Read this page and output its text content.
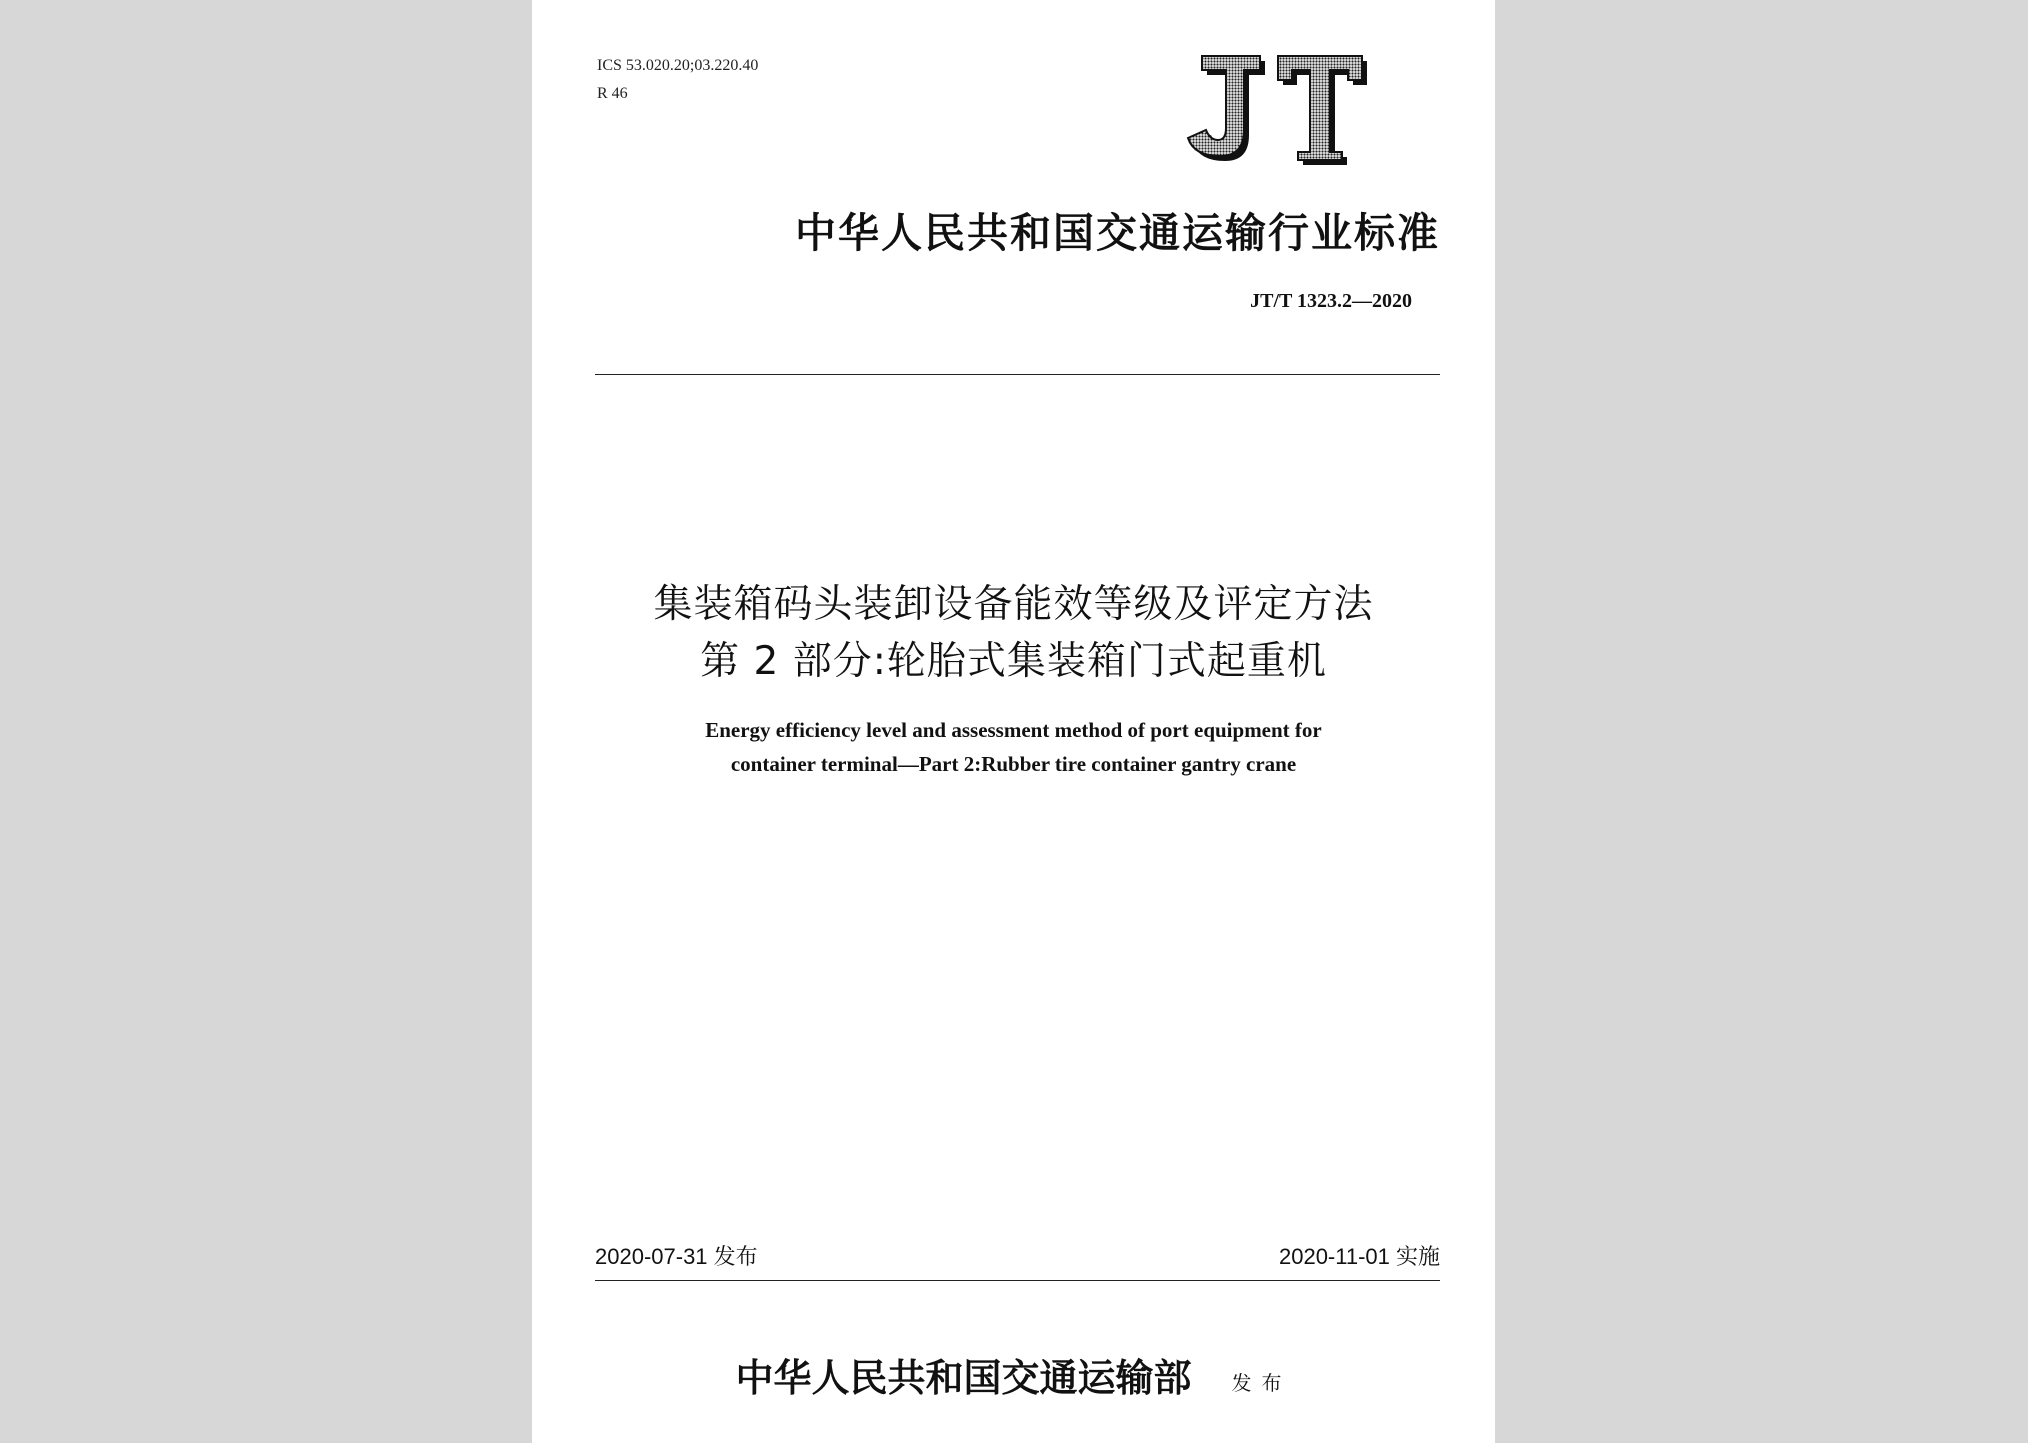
ICS 53.020.20;03.220.40
R 46
中华人民共和国交通运输行业标准
JT/T 1323.2—2020
集装箱码头装卸设备能效等级及评定方法
第 2 部分:轮胎式集装箱门式起重机
Energy efficiency level and assessment method of port equipment for
container terminal—Part 2:Rubber tire container gantry crane
2020-07-31 发布	2020-11-01 实施
中华人民共和国交通运输部 发布
